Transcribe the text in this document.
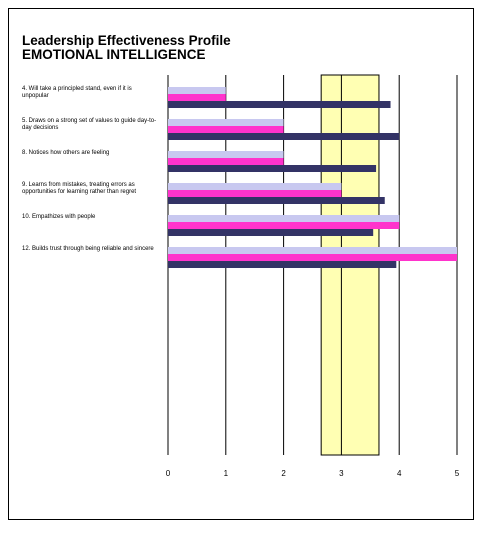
Leadership Effectiveness Profile
EMOTIONAL INTELLIGENCE
4. Will take a principled stand, even if it is unpopular
5. Draws on a strong set of values to guide day-to-day decisions
8. Notices how others are feeling
9. Learns from mistakes, treating errors as opportunities for learning rather than regret
10. Empathizes with people
12. Builds trust through being reliable and sincere
0	1	2	3	4	5
